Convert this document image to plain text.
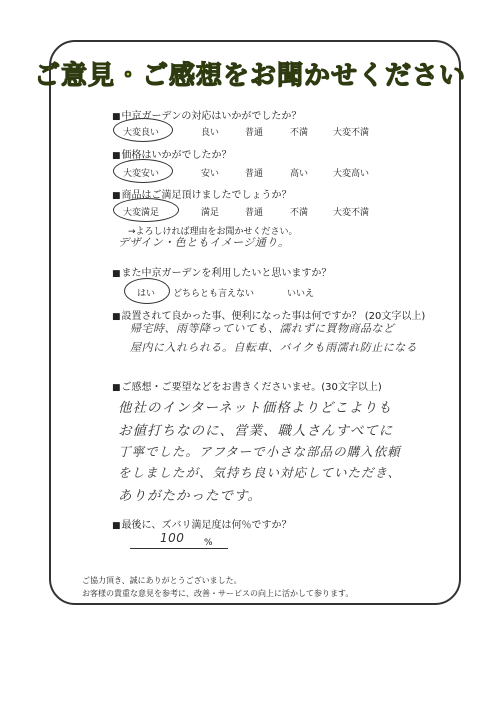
ご意見・ご感想をお聞かせください
■ 中京ガーデンの対応はいかがでしたか？
大変良い	良い	普通	不満	大変不満
■ 価格はいかがでしたか？
大変安い	安い	普通	高い	大変高い
■ 商品はご満足頂けましたでしょうか？
大変満足	満足	普通	不満	大変不満
→よろしければ理由をお聞かせください。
デザイン・色ともイメージ通り。
■ また中京ガーデンを利用したいと思いますか？
はい どちらとも言えない	いいえ
■ 設置されて良かった事、便利になった事は何ですか？ (20文字以上)
帰宅時、雨等降っていても、濡れずに買物商品など
屋内に入れられる。自転車、バイクも雨濡れ防止になる
■ ご感想・ご要望などをお書きくださいませ。(30文字以上)
他社のインターネット価格よりどこよりも
お値打ちなのに、営業、職人さんすべてに
丁寧でした。アフターで小さな部品の購入依頼
をしましたが、気持ち良い対応していただき、
ありがたかったです。
■ 最後に、ズバリ満足度は何％ですか？
100 %
ご協力頂き、誠にありがとうございました。
お客様の貴重な意見を参考に、改善・サービスの向上に活かして参ります。
